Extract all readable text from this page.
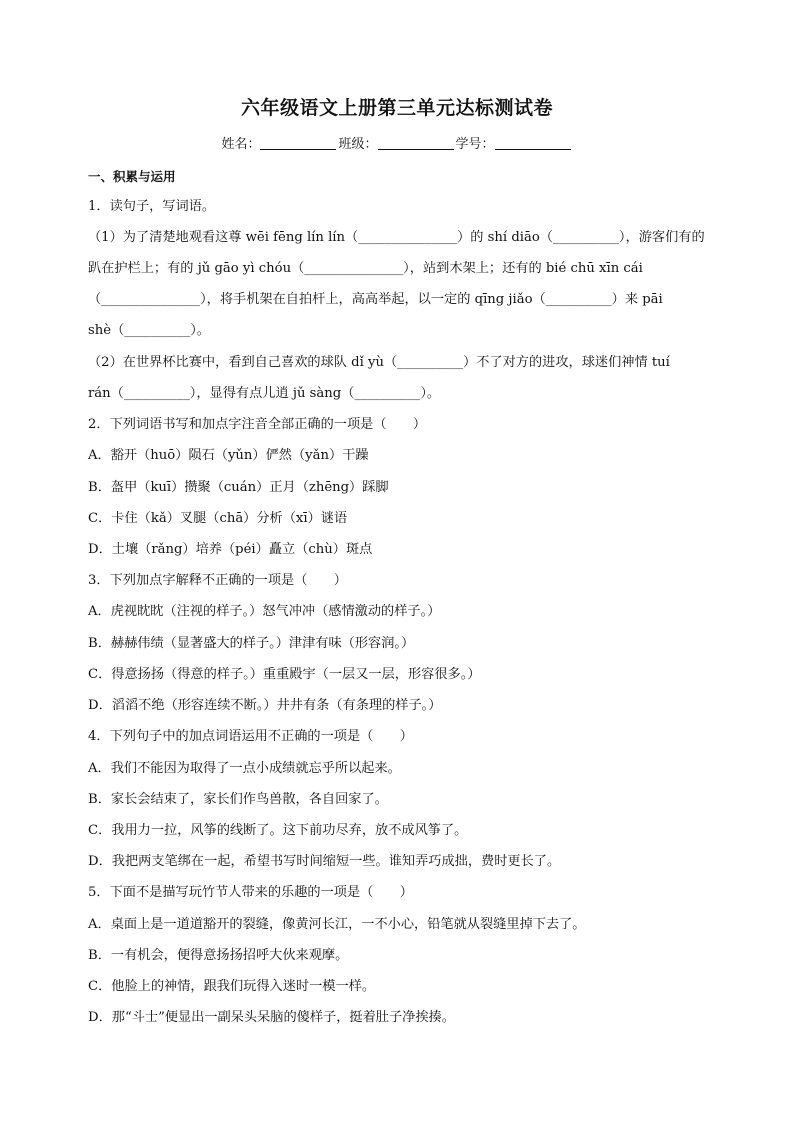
六年级语文上册第三单元达标测试卷
姓名：	班级：	学号：
一、积累与运用
1．读句子，写词语。
（1）为了清楚地观看这尊 wēi fēng lín lín（_______________）的 shí diāo（__________），游客们有的
趴在护栏上；有的 jǔ gāo yì chóu（_______________），站到木架上；还有的 bié chū xīn cái
（_______________），将手机架在自拍杆上，高高举起，以一定的 qīng jiǎo（__________）来 pāi
shè（__________）。
（2）在世界杯比赛中，看到自己喜欢的球队 dǐ yù（__________）不了对方的进攻，球迷们神情 tuí
rán（__________），显得有点儿逍 jǔ sàng（__________）。
2．下列词语书写和加点字注音全部正确的一项是（　　）
A．豁开（huō）陨石（yǔn）俨然（yǎn）干躁
B．盔甲（kuī）攒聚（cuán）正月（zhēng）踩脚
C．卡住（kǎ）叉腿（chā）分析（xī）谜语
D．土壤（rǎng）培养（péi）矗立（chù）斑点
3．下列加点字解释不正确的一项是（　　）
A．虎视眈眈（注视的样子。）怒气冲冲（感情激动的样子。）
B．赫赫伟绩（显著盛大的样子。）津津有味（形容润。）
C．得意扬扬（得意的样子。）重重殿宇（一层又一层，形容很多。）
D．滔滔不绝（形容连续不断。）井井有条（有条理的样子。）
4．下列句子中的加点词语运用不正确的一项是（　　）
A．我们不能因为取得了一点小成绩就忘乎所以起来。
B．家长会结束了，家长们作鸟兽散，各自回家了。
C．我用力一拉，风筝的线断了。这下前功尽弃，放不成风筝了。
D．我把两支笔绑在一起，希望书写时间缩短一些。谁知弄巧成拙，费时更长了。
5．下面不是描写玩竹节人带来的乐趣的一项是（　　）
A．桌面上是一道道豁开的裂缝，像黄河长江，一不小心，铅笔就从裂缝里掉下去了。
B．一有机会，便得意扬扬招呼大伙来观摩。
C．他脸上的神情，跟我们玩得入迷时一模一样。
D．那“斗士”便显出一副呆头呆脑的傻样子，挺着肚子净挨揍。
